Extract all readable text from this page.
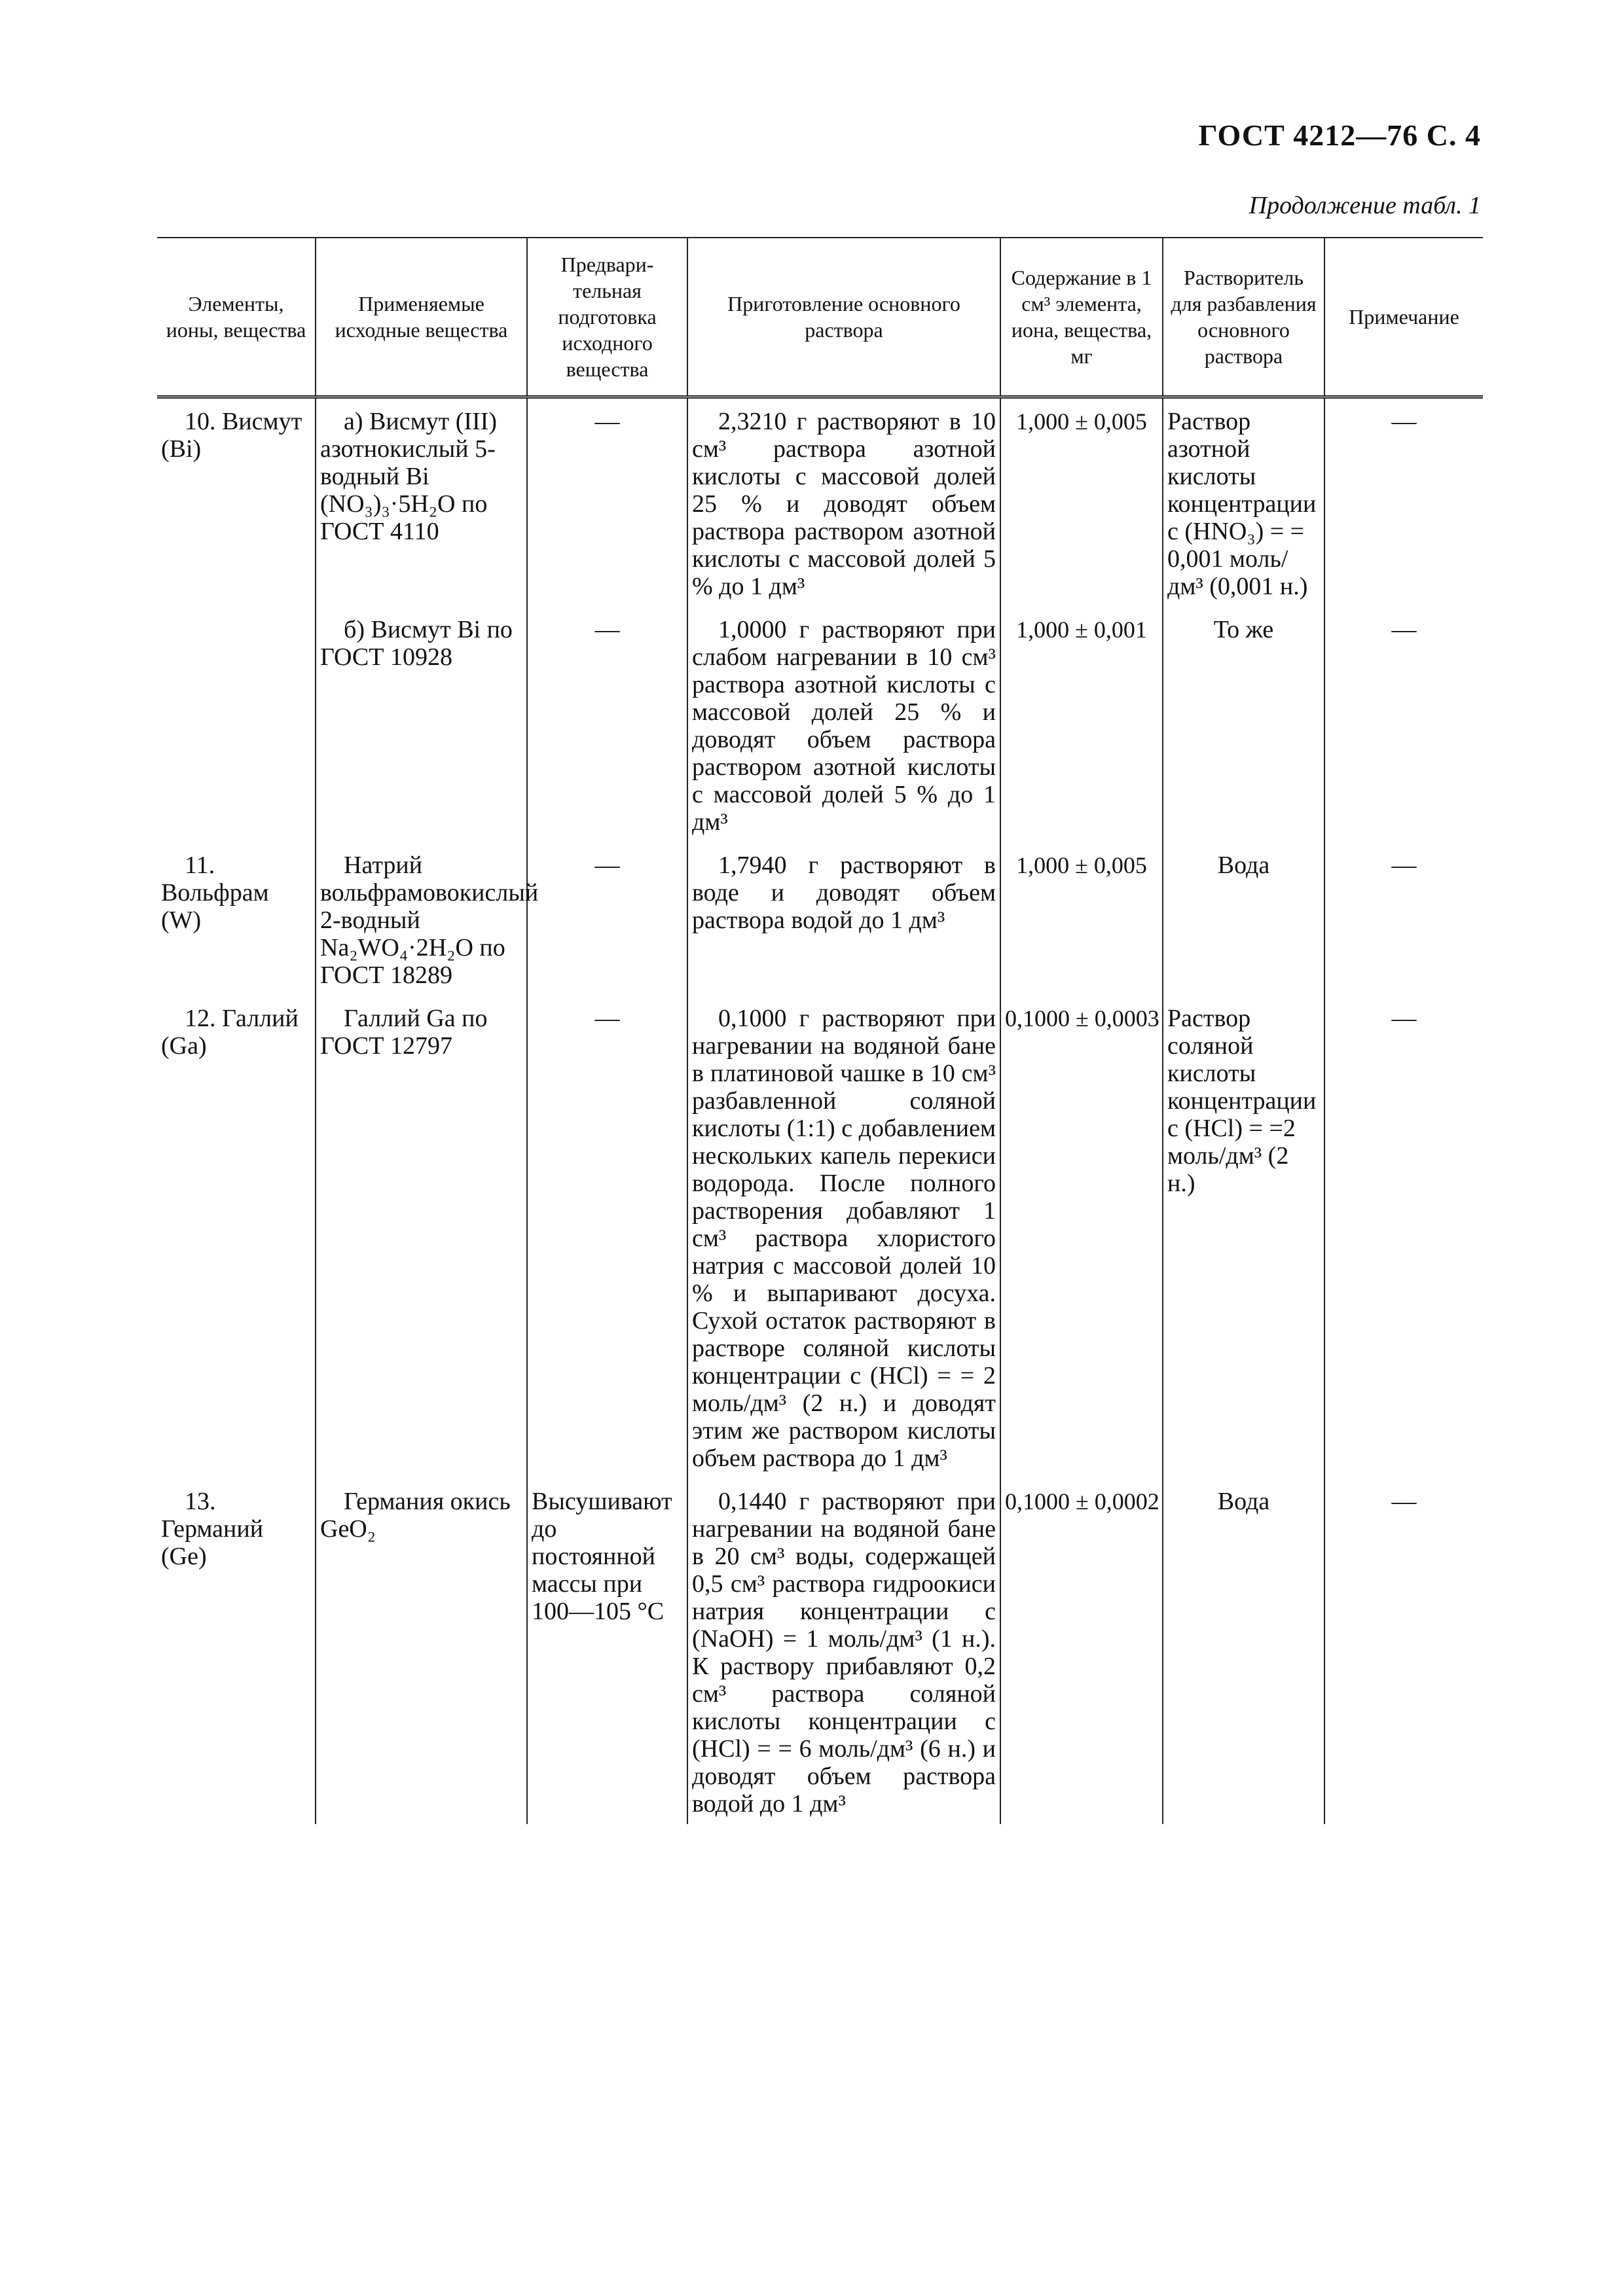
ГОСТ 4212—76 С. 4
Продолжение табл. 1
Элементы, ионы, вещества	Применяемые исходные вещества	Предвари-тельная подготовка исходного вещества	Приготовление основного раствора	Содержание в 1 см³ элемента, иона, вещества, мг	Растворитель для разбавления основного раствора	Примечание
10. Висмут (Bi)	а) Висмут (III) азотнокислый 5-водный Bi (NO₃)₃·5H₂O по ГОСТ 4110	—	2,3210 г растворяют в 10 см³ раствора азотной кислоты с массовой долей 25 % и доводят объем раствора раствором азотной кислоты с массовой долей 5 % до 1 дм³	1,000 ± 0,005	Раствор азотной кислоты концентрации с (HNO₃) = = 0,001 моль/дм³ (0,001 н.)	—
	б) Висмут Bi по ГОСТ 10928	—	1,0000 г растворяют при слабом нагревании в 10 см³ раствора азотной кислоты с массовой долей 25 % и доводят объем раствора раствором азотной кислоты с массовой долей 5 % до 1 дм³	1,000 ± 0,001	То же	—
11. Вольфрам (W)	Натрий вольфрамовокислый 2-водный Na₂WO₄·2H₂O по ГОСТ 18289	—	1,7940 г растворяют в воде и доводят объем раствора водой до 1 дм³	1,000 ± 0,005	Вода	—
12. Галлий (Ga)	Галлий Ga по ГОСТ 12797	—	0,1000 г растворяют при нагревании на водяной бане в платиновой чашке в 10 см³ разбавленной соляной кислоты (1:1) с добавлением нескольких капель перекиси водорода. После полного растворения добавляют 1 см³ раствора хлористого натрия с массовой долей 10 % и выпаривают досуха. Сухой остаток растворяют в растворе соляной кислоты концентрации с (HCl) = = 2 моль/дм³ (2 н.) и доводят этим же раствором кислоты объем раствора до 1 дм³	0,1000 ± 0,0003	Раствор соляной кислоты концентрации с (HCl) = =2 моль/дм³ (2 н.)	—
13. Германий (Ge)	Германия окись GeO₂	Высушивают до постоянной массы при 100—105 °С	0,1440 г растворяют при нагревании на водяной бане в 20 см³ воды, содержащей 0,5 см³ раствора гидроокиси натрия концентрации с (NaOH) = 1 моль/дм³ (1 н.). К раствору прибавляют 0,2 см³ раствора соляной кислоты концентрации с (HCl) = = 6 моль/дм³ (6 н.) и доводят объем раствора водой до 1 дм³	0,1000 ± 0,0002	Вода	—
